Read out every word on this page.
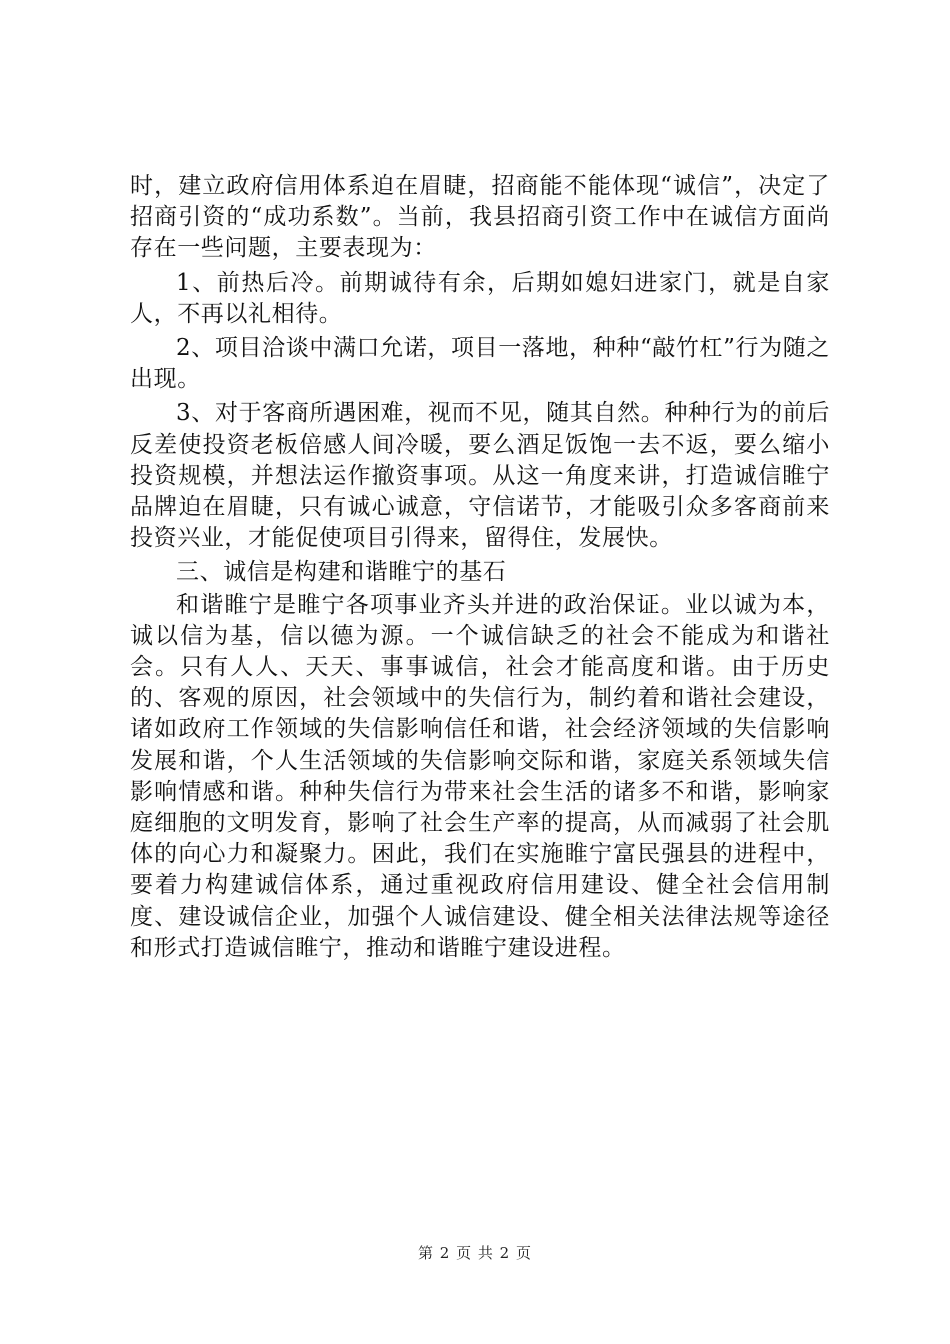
时，建立政府信用体系迫在眉睫，招商能不能体现“诚信”，决定了招商引资的“成功系数”。当前，我县招商引资工作中在诚信方面尚存在一些问题，主要表现为：

1、前热后冷。前期诚待有余，后期如媳妇进家门，就是自家人，不再以礼相待。

2、项目洽谈中满口允诺，项目一落地，种种“敲竹杠”行为随之出现。

3、对于客商所遇困难，视而不见，随其自然。种种行为的前后反差使投资老板倍感人间冷暖，要么酒足饭饱一去不返，要么缩小投资规模，并想法运作撤资事项。从这一角度来讲，打造诚信睢宁品牌迫在眉睫，只有诚心诚意，守信诺节，才能吸引众多客商前来投资兴业，才能促使项目引得来，留得住，发展快。

三、诚信是构建和谐睢宁的基石

和谐睢宁是睢宁各项事业齐头并进的政治保证。业以诚为本，诚以信为基，信以德为源。一个诚信缺乏的社会不能成为和谐社会。只有人人、天天、事事诚信，社会才能高度和谐。由于历史的、客观的原因，社会领域中的失信行为，制约着和谐社会建设，诸如政府工作领域的失信影响信任和谐，社会经济领域的失信影响发展和谐，个人生活领域的失信影响交际和谐，家庭关系领域失信影响情感和谐。种种失信行为带来社会生活的诸多不和谐，影响家庭细胞的文明发育，影响了社会生产率的提高，从而减弱了社会肌体的向心力和凝聚力。困此，我们在实施睢宁富民强县的进程中，要着力构建诚信体系，通过重视政府信用建设、健全社会信用制度、建设诚信企业，加强个人诚信建设、健全相关法律法规等途径和形式打造诚信睢宁，推动和谐睢宁建设进程。

第 2 页 共 2 页
